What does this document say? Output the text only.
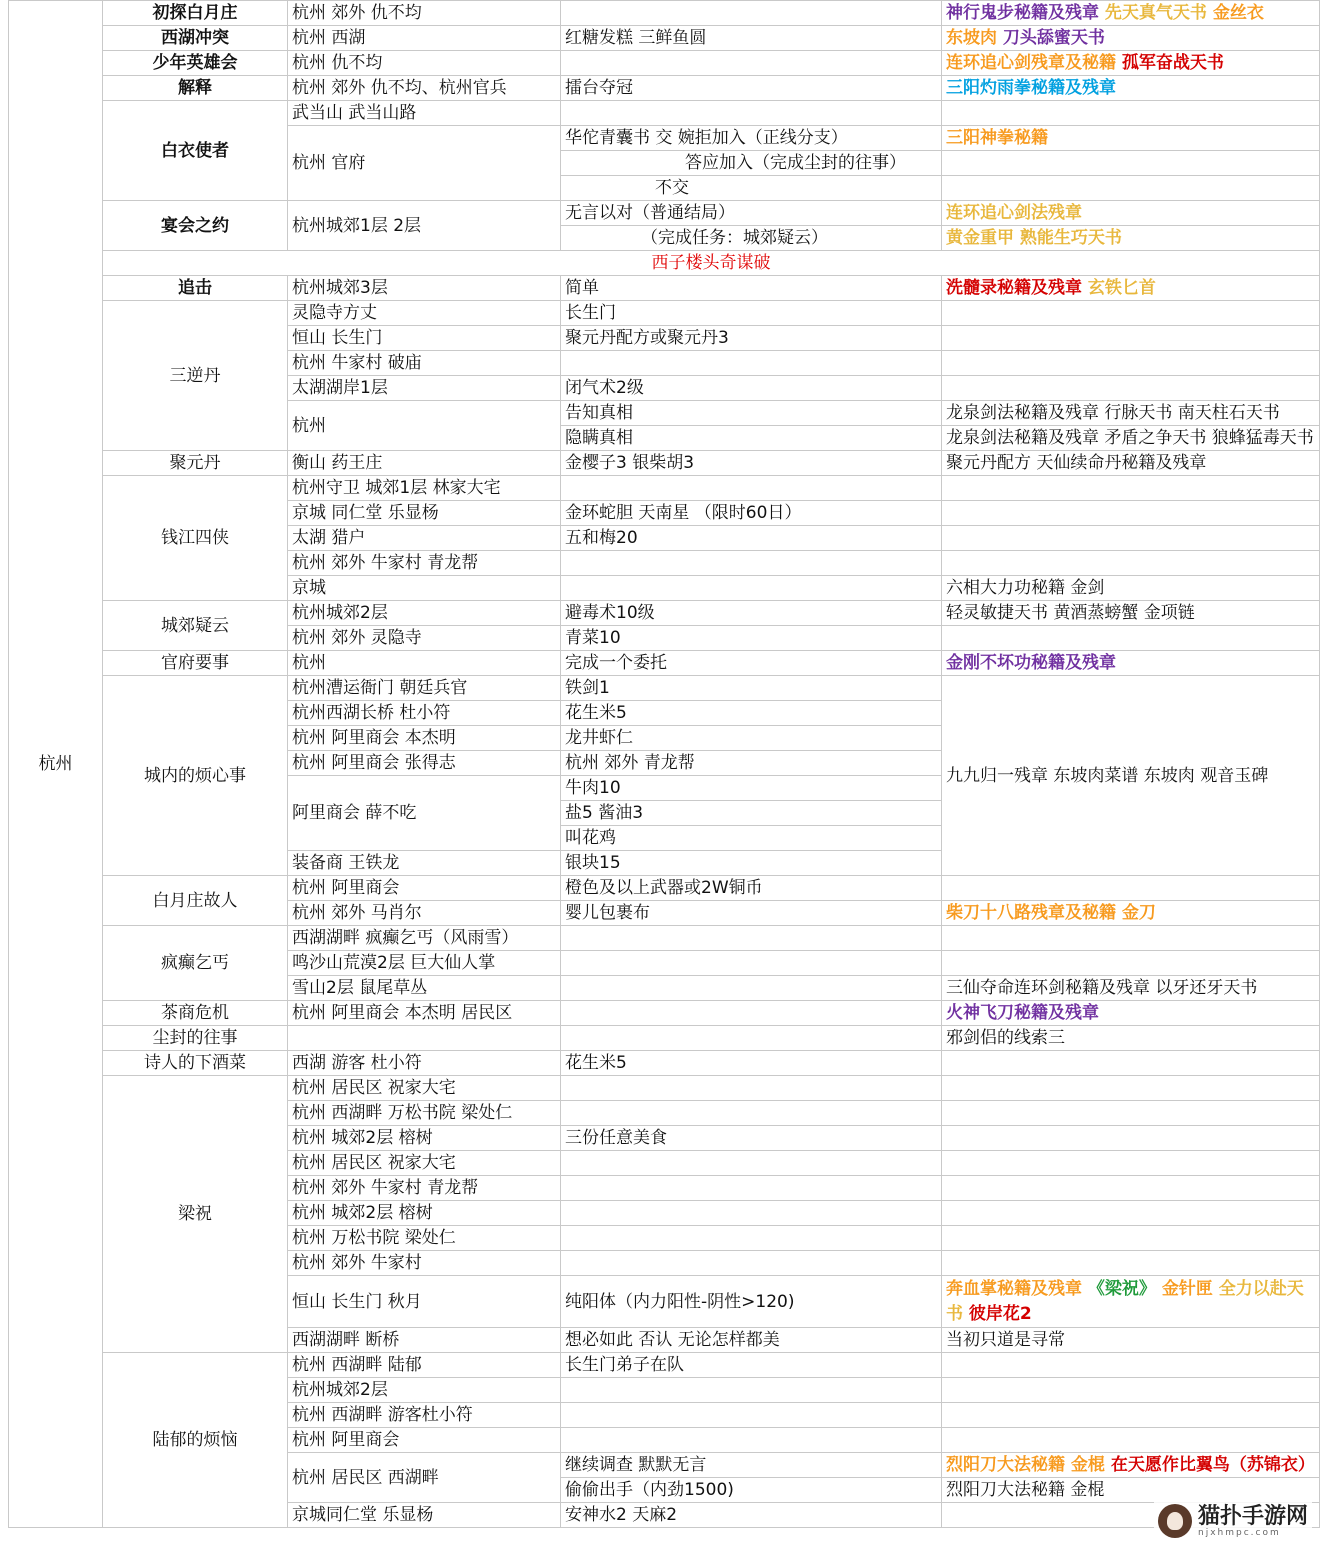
杭州	初探白月庄	杭州 郊外 仇不均		神行鬼步秘籍及残章 先天真气天书 金丝衣
	西湖冲突	杭州 西湖	红糖发糕 三鲜鱼圆	东坡肉 刀头舔蜜天书
	少年英雄会	杭州 仇不均		连环追心剑残章及秘籍 孤军奋战天书
	解释	杭州 郊外 仇不均、杭州官兵	擂台夺冠	三阳灼雨拳秘籍及残章
	白衣使者	武当山 武当山路		
		杭州 官府	华佗青囊书 交 婉拒加入（正线分支）	三阳神拳秘籍
			答应加入（完成尘封的往事）	
			不交	
	宴会之约	杭州城郊1层 2层	无言以对（普通结局）	连环追心剑法残章
			（完成任务：城郊疑云）	黄金重甲 熟能生巧天书
	西子楼头奇谋破			
	追击	杭州城郊3层	简单	洗髓录秘籍及残章 玄铁匕首
	三逆丹	灵隐寺方丈	长生门	
		恒山 长生门	聚元丹配方或聚元丹3	
		杭州 牛家村 破庙		
		太湖湖岸1层	闭气术2级	
		杭州	告知真相	龙泉剑法秘籍及残章 行脉天书 南天柱石天书
			隐瞒真相	龙泉剑法秘籍及残章 矛盾之争天书 狼蜂猛毒天书
	聚元丹	衡山 药王庄	金樱子3 银柴胡3	聚元丹配方 天仙续命丹秘籍及残章
	钱江四侠	杭州守卫 城郊1层 林家大宅		
		京城 同仁堂 乐显杨	金环蛇胆 天南星 （限时60日）	
		太湖 猎户	五和梅20	
		杭州 郊外 牛家村 青龙帮		
		京城		六相大力功秘籍 金剑
	城郊疑云	杭州城郊2层	避毒术10级	轻灵敏捷天书 黄酒蒸螃蟹 金项链
		杭州 郊外 灵隐寺	青菜10	
	官府要事	杭州	完成一个委托	金刚不坏功秘籍及残章
	城内的烦心事	杭州漕运衙门 朝廷兵官	铁剑1	九九归一残章 东坡肉菜谱 东坡肉 观音玉碑
		杭州西湖长桥 杜小符	花生米5	
		杭州 阿里商会 本杰明	龙井虾仁	
		杭州 阿里商会 张得志	杭州 郊外 青龙帮	
		阿里商会 薛不吃	牛肉10	
			盐5 酱油3	
			叫花鸡	
		装备商 王铁龙	银块15	
	白月庄故人	杭州 阿里商会	橙色及以上武器或2W铜币	
		杭州 郊外 马肖尔	婴儿包裹布	柴刀十八路残章及秘籍 金刀
	疯癫乞丐	西湖湖畔 疯癫乞丐（风雨雪）		
		鸣沙山荒漠2层 巨大仙人掌		
		雪山2层 鼠尾草丛		三仙夺命连环剑秘籍及残章 以牙还牙天书
	茶商危机	杭州 阿里商会 本杰明 居民区		火神飞刀秘籍及残章
	尘封的往事			邪剑侣的线索三
	诗人的下酒菜	西湖 游客 杜小符	花生米5	
	梁祝	杭州 居民区 祝家大宅		
		杭州 西湖畔 万松书院 梁处仁		
		杭州 城郊2层 榕树	三份任意美食	
		杭州 居民区 祝家大宅		
		杭州 郊外 牛家村 青龙帮		
		杭州 城郊2层 榕树		
		杭州 万松书院 梁处仁		
		杭州 郊外 牛家村		
		恒山 长生门 秋月	纯阳体（内力阳性-阴性>120)	奔血掌秘籍及残章 《梁祝》 金针匣 全力以赴天书 彼岸花2
		西湖湖畔 断桥	想必如此 否认 无论怎样都美	当初只道是寻常
	陆郁的烦恼	杭州 西湖畔 陆郁	长生门弟子在队	
		杭州城郊2层		
		杭州 西湖畔 游客杜小符		
		杭州 阿里商会		
		杭州 居民区 西湖畔	继续调查 默默无言	烈阳刀大法秘籍 金棍 在天愿作比翼鸟（苏锦衣）
			偷偷出手（内劲1500)	烈阳刀大法秘籍 金棍
		京城同仁堂 乐显杨	安神水2 天麻2		猫扑手游网
njxhmpc.com
